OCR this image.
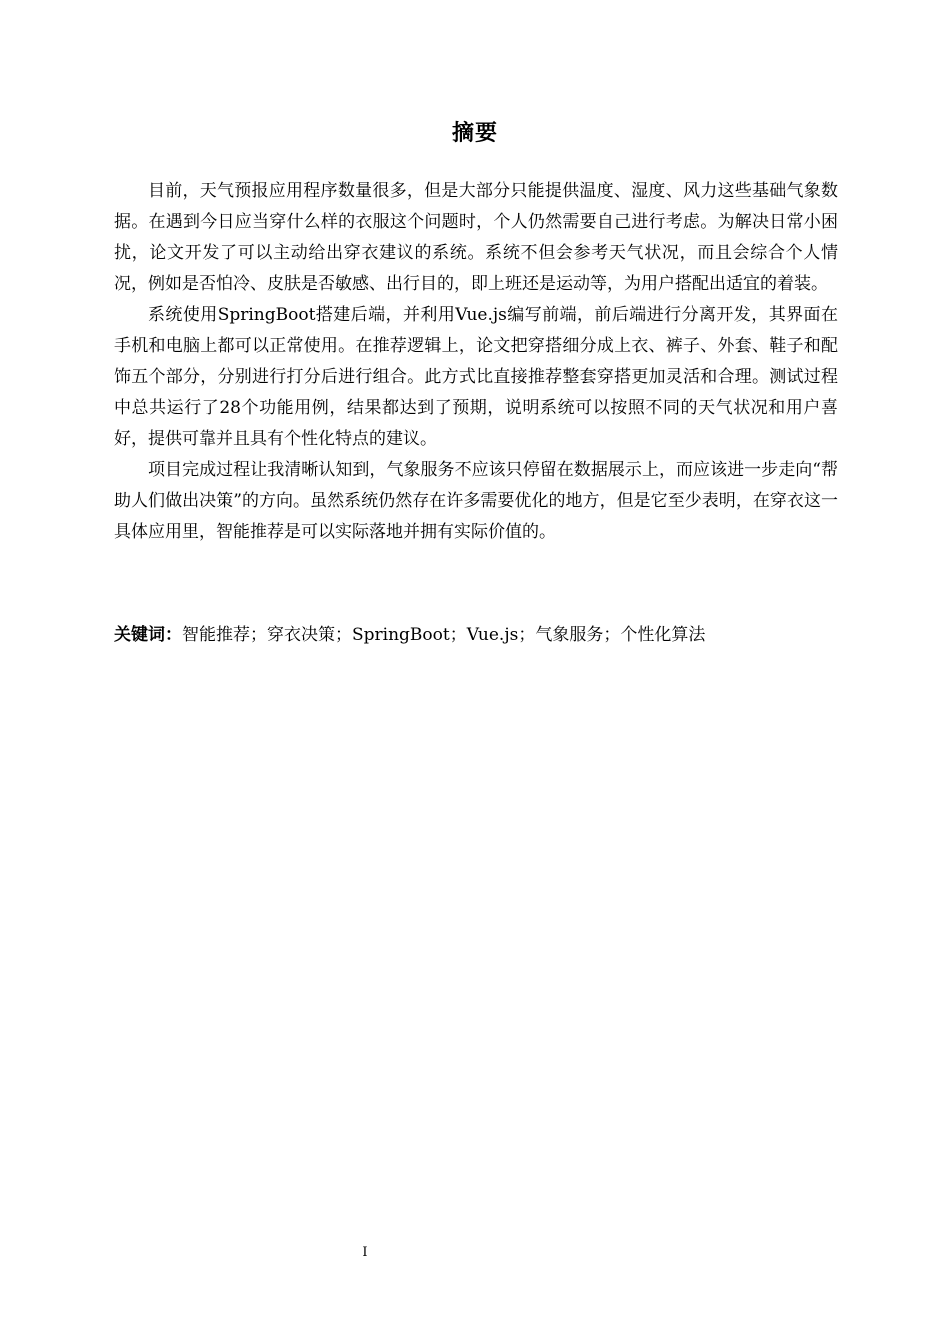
摘要

目前，天气预报应用程序数量很多，但是大部分只能提供温度、湿度、风力这些基础气象数据。在遇到今日应当穿什么样的衣服这个问题时，个人仍然需要自己进行考虑。为解决日常小困扰，论文开发了可以主动给出穿衣建议的系统。系统不但会参考天气状况，而且会综合个人情况，例如是否怕冷、皮肤是否敏感、出行目的，即上班还是运动等，为用户搭配出适宜的着装。

系统使用SpringBoot搭建后端，并利用Vue.js编写前端，前后端进行分离开发，其界面在手机和电脑上都可以正常使用。在推荐逻辑上，论文把穿搭细分成上衣、裤子、外套、鞋子和配饰五个部分，分别进行打分后进行组合。此方式比直接推荐整套穿搭更加灵活和合理。测试过程中总共运行了28个功能用例，结果都达到了预期，说明系统可以按照不同的天气状况和用户喜好，提供可靠并且具有个性化特点的建议。

项目完成过程让我清晰认知到，气象服务不应该只停留在数据展示上，而应该进一步走向“帮助人们做出决策”的方向。虽然系统仍然存在许多需要优化的地方，但是它至少表明，在穿衣这一具体应用里，智能推荐是可以实际落地并拥有实际价值的。

关键词：智能推荐；穿衣决策；SpringBoot；Vue.js；气象服务；个性化算法
I
